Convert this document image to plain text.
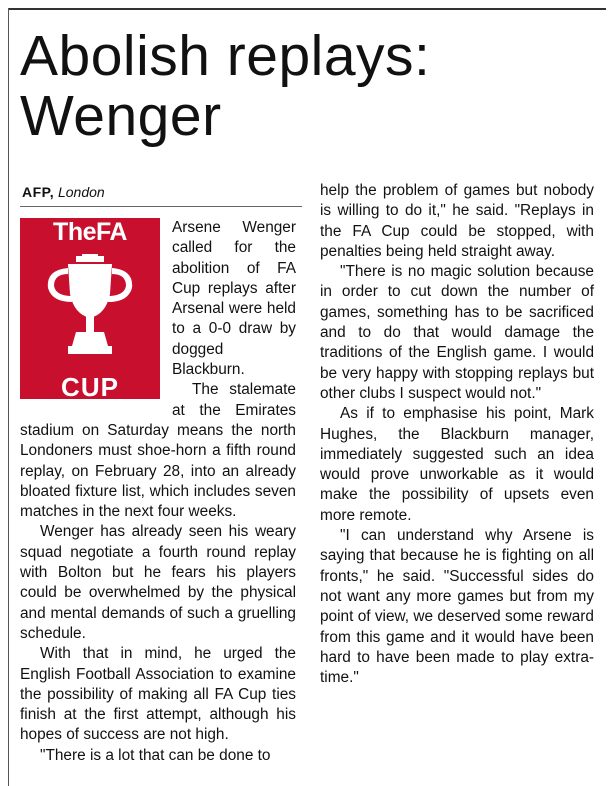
Abolish replays:
Wenger
AFP, London
TheFA
CUP

Arsene Wenger called for the abolition of FA Cup replays after Arsenal were held to a 0-0 draw by dogged Blackburn.

The stalemate at the Emirates stadium on Saturday means the north Londoners must shoe-horn a fifth round replay, on February 28, into an already bloated fixture list, which includes seven matches in the next four weeks.

Wenger has already seen his weary squad negotiate a fourth round replay with Bolton but he fears his players could be overwhelmed by the physical and mental demands of such a gruelling schedule.

With that in mind, he urged the English Football Association to examine the possibility of making all FA Cup ties finish at the first attempt, although his hopes of success are not high.

"There is a lot that can be done to

help the problem of games but nobody is willing to do it," he said. "Replays in the FA Cup could be stopped, with penalties being held straight away.

"There is no magic solution because in order to cut down the number of games, something has to be sacrificed and to do that would damage the traditions of the English game. I would be very happy with stopping replays but other clubs I suspect would not."

As if to emphasise his point, Mark Hughes, the Blackburn manager, immediately suggested such an idea would prove unworkable as it would make the possibility of upsets even more remote.

"I can understand why Arsene is saying that because he is fighting on all fronts," he said. "Successful sides do not want any more games but from my point of view, we deserved some reward from this game and it would have been hard to have been made to play extra-time."
